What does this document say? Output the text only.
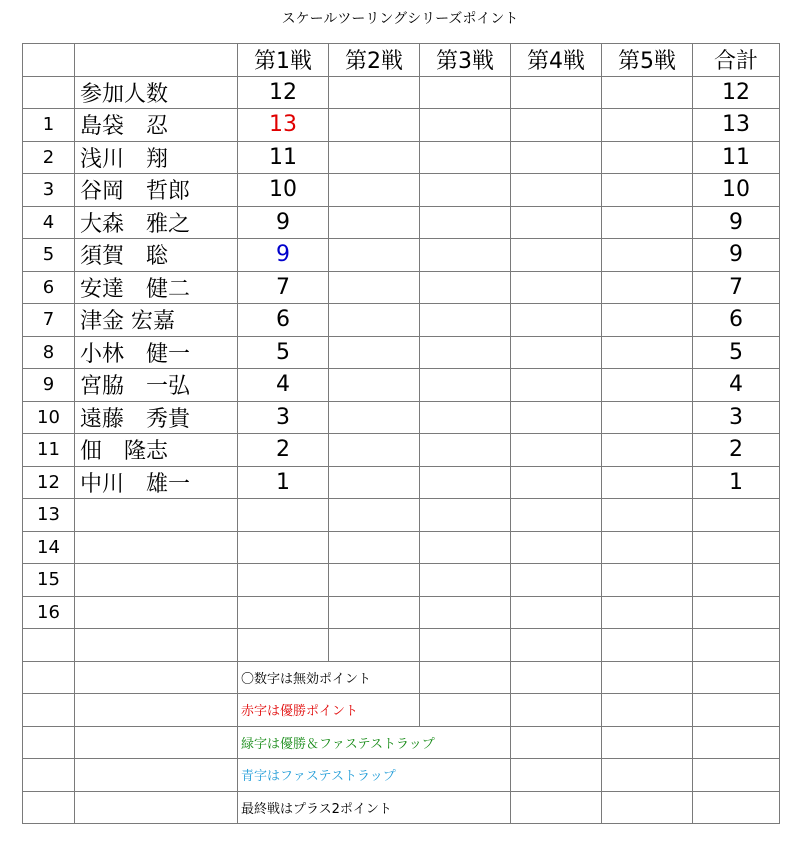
スケールツーリングシリーズポイント
		第1戦	第2戦	第3戦	第4戦	第5戦	合計
	参加人数	12					12
1	島袋　忍	13					13
2	浅川　翔	11					11
3	谷岡　哲郎	10					10
4	大森　雅之	9					9
5	須賀　聡	9					9
6	安達　健二	7					7
7	津金 宏嘉	6					6
8	小林　健一	5					5
9	宮脇　一弘	4					4
10	遠藤　秀貴	3					3
11	佃　隆志	2					2
12	中川　雄一	1					1
13							
14							
15							
16							

		〇数字は無効ポイント					
		赤字は優勝ポイント					
		緑字は優勝＆ファステストラップ					
		青字はファステストラップ					
		最終戦はプラス2ポイント					
